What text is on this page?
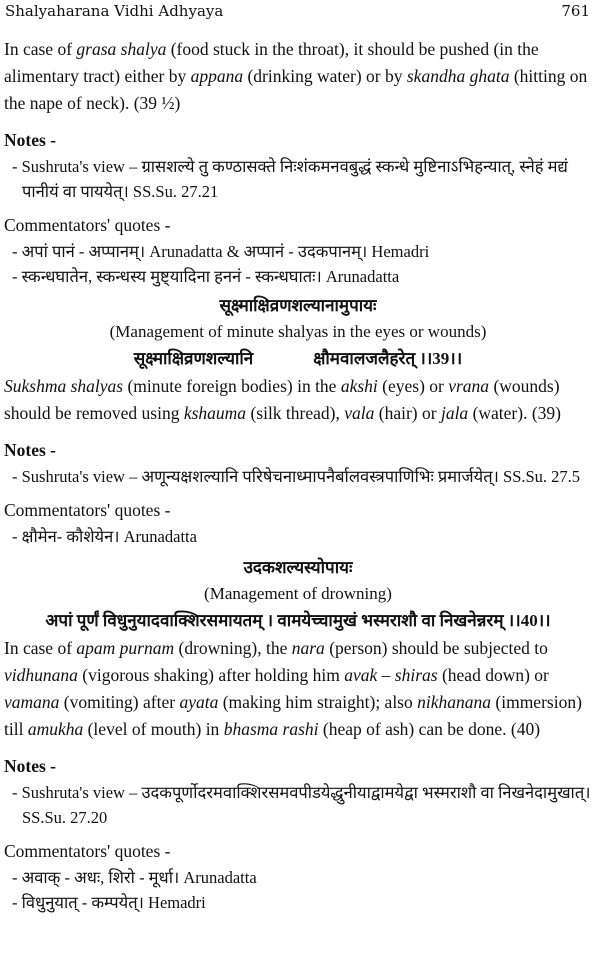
Shalyaharana Vidhi Adhyaya	761

In case of grasa shalya (food stuck in the throat), it should be pushed (in the alimentary tract) either by appana (drinking water) or by skandha ghata (hitting on the nape of neck). (39 ½)

Notes -
- Sushruta's view – ग्रासशल्ये तु कण्ठासक्ते निःशंकमनवबुद्धं स्कन्धे मुष्टिनाऽभिहन्यात्, स्नेहं मद्यं
पानीयं वा पाययेत्। SS.Su. 27.21
Commentators' quotes -
- अपां पानं - अप्पानम्। Arunadatta & अप्पानं - उदकपानम्। Hemadri
- स्कन्धघातेन, स्कन्धस्य मुष्ट्यादिना हननं - स्कन्धघातः। Arunadatta
सूक्ष्माक्षिव्रणशल्यानामुपायः
(Management of minute shalyas in the eyes or wounds)
सूक्ष्माक्षिव्रणशल्यानि	क्षौमवालजलैहरेत् ।।39।।

Sukshma shalyas (minute foreign bodies) in the akshi (eyes) or vrana (wounds) should be removed using kshauma (silk thread), vala (hair) or jala (water). (39)

Notes -
- Sushruta's view – अणून्यक्षशल्यानि परिषेचनाध्मापनैर्बालवस्त्रपाणिभिः प्रमार्जयेत्। SS.Su. 27.5
Commentators' quotes -
- क्षौमेन- कौशेयेन। Arunadatta
उदकशल्यस्योपायः
(Management of drowning)
अपां पूर्णं विधुनुयादवाक्शिरसमायतम् । वामयेच्चामुखं भस्मराशौ वा निखनेन्नरम् ।।40।।

In case of apam purnam (drowning), the nara (person) should be subjected to vidhunana (vigorous shaking) after holding him avak – shiras (head down) or vamana (vomiting) after ayata (making him straight); also nikhanana (immersion) till amukha (level of mouth) in bhasma rashi (heap of ash) can be done. (40)

Notes -
- Sushruta's view – उदकपूर्णोदरमवाक्शिरसमवपीडयेद्धुनीयाद्वामयेद्वा भस्मराशौ वा निखनेदामुखात्।
SS.Su. 27.20
Commentators' quotes -
- अवाक् - अधः, शिरो - मूर्धा। Arunadatta
- विधुनुयात् - कम्पयेत्। Hemadri
